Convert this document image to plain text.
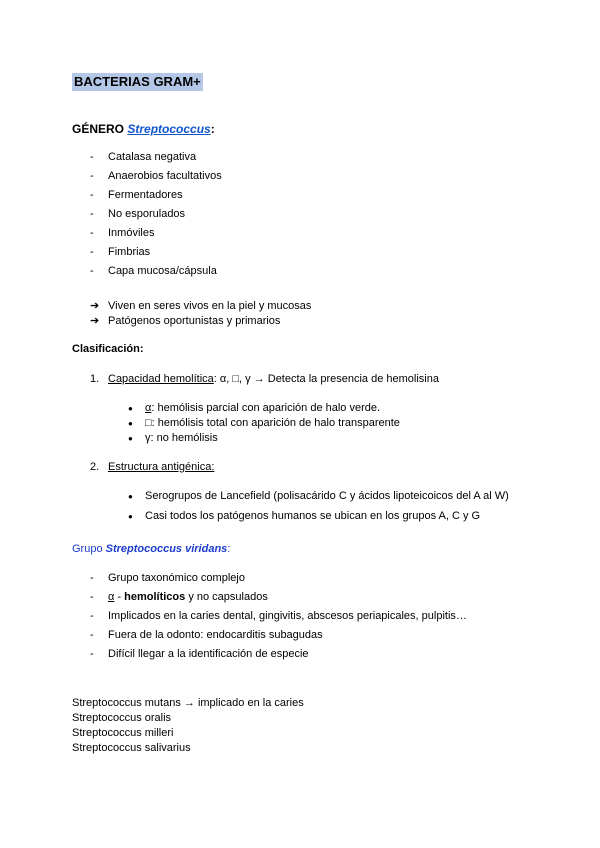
BACTERIAS GRAM+
GÉNERO Streptococcus:
- Catalasa negativa
- Anaerobios facultativos
- Fermentadores
- No esporulados
- Inmóviles
- Fimbrias
- Capa mucosa/cápsula
➔ Viven en seres vivos en la piel y mucosas
➔ Patógenos oportunistas y primarios
Clasificación:
1. Capacidad hemolítica: α, □, γ → Detecta la presencia de hemolisina
● α: hemólisis parcial con aparición de halo verde.
● □: hemólisis total con aparición de halo transparente
● γ: no hemólisis
2. Estructura antigénica:
● Serogrupos de Lancefield (polisacárido C y ácidos lipoteicoicos del A al W)
● Casi todos los patógenos humanos se ubican en los grupos A, C y G
Grupo Streptococcus viridans:
- Grupo taxonómico complejo
- α - hemolíticos y no capsulados
- Implicados en la caries dental, gingivitis, abscesos periapicales, pulpitis…
- Fuera de la odonto: endocarditis subagudas
- Difícil llegar a la identificación de especie
Streptococcus mutans → implicado en la caries
Streptococcus oralis
Streptococcus milleri
Streptococcus salivarius
